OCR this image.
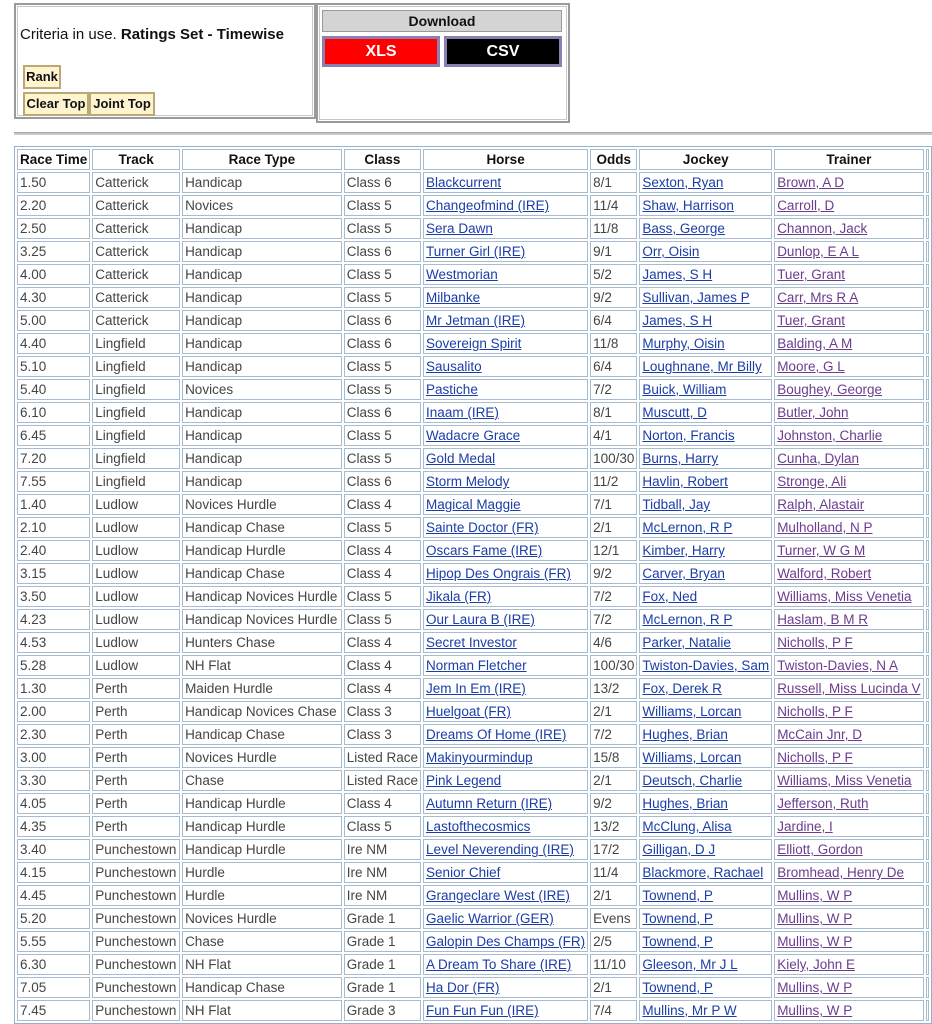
Criteria in use. Ratings Set - Timewise
Rank
Clear Top Joint Top
Download
XLS	CSV
Race Time	Track	Race Type	Class	Horse	Odds	Jockey	Trainer	
1.50	Catterick	Handicap	Class 6	Blackcurrent	8/1	Sexton, Ryan	Brown, A D	
2.20	Catterick	Novices	Class 5	Changeofmind (IRE)	11/4	Shaw, Harrison	Carroll, D	
2.50	Catterick	Handicap	Class 5	Sera Dawn	11/8	Bass, George	Channon, Jack	
3.25	Catterick	Handicap	Class 6	Turner Girl (IRE)	9/1	Orr, Oisin	Dunlop, E A L	
4.00	Catterick	Handicap	Class 5	Westmorian	5/2	James, S H	Tuer, Grant	
4.30	Catterick	Handicap	Class 5	Milbanke	9/2	Sullivan, James P	Carr, Mrs R A	
5.00	Catterick	Handicap	Class 6	Mr Jetman (IRE)	6/4	James, S H	Tuer, Grant	
4.40	Lingfield	Handicap	Class 6	Sovereign Spirit	11/8	Murphy, Oisin	Balding, A M	
5.10	Lingfield	Handicap	Class 5	Sausalito	6/4	Loughnane, Mr Billy	Moore, G L	
5.40	Lingfield	Novices	Class 5	Pastiche	7/2	Buick, William	Boughey, George	
6.10	Lingfield	Handicap	Class 6	Inaam (IRE)	8/1	Muscutt, D	Butler, John	
6.45	Lingfield	Handicap	Class 5	Wadacre Grace	4/1	Norton, Francis	Johnston, Charlie	
7.20	Lingfield	Handicap	Class 5	Gold Medal	100/30	Burns, Harry	Cunha, Dylan	
7.55	Lingfield	Handicap	Class 6	Storm Melody	11/2	Havlin, Robert	Stronge, Ali	
1.40	Ludlow	Novices Hurdle	Class 4	Magical Maggie	7/1	Tidball, Jay	Ralph, Alastair	
2.10	Ludlow	Handicap Chase	Class 5	Sainte Doctor (FR)	2/1	McLernon, R P	Mulholland, N P	
2.40	Ludlow	Handicap Hurdle	Class 4	Oscars Fame (IRE)	12/1	Kimber, Harry	Turner, W G M	
3.15	Ludlow	Handicap Chase	Class 4	Hipop Des Ongrais (FR)	9/2	Carver, Bryan	Walford, Robert	
3.50	Ludlow	Handicap Novices Hurdle	Class 5	Jikala (FR)	7/2	Fox, Ned	Williams, Miss Venetia	
4.23	Ludlow	Handicap Novices Hurdle	Class 5	Our Laura B (IRE)	7/2	McLernon, R P	Haslam, B M R	
4.53	Ludlow	Hunters Chase	Class 4	Secret Investor	4/6	Parker, Natalie	Nicholls, P F	
5.28	Ludlow	NH Flat	Class 4	Norman Fletcher	100/30	Twiston-Davies, Sam	Twiston-Davies, N A	
1.30	Perth	Maiden Hurdle	Class 4	Jem In Em (IRE)	13/2	Fox, Derek R	Russell, Miss Lucinda V	
2.00	Perth	Handicap Novices Chase	Class 3	Huelgoat (FR)	2/1	Williams, Lorcan	Nicholls, P F	
2.30	Perth	Handicap Chase	Class 3	Dreams Of Home (IRE)	7/2	Hughes, Brian	McCain Jnr, D	
3.00	Perth	Novices Hurdle	Listed Race	Makinyourmindup	15/8	Williams, Lorcan	Nicholls, P F	
3.30	Perth	Chase	Listed Race	Pink Legend	2/1	Deutsch, Charlie	Williams, Miss Venetia	
4.05	Perth	Handicap Hurdle	Class 4	Autumn Return (IRE)	9/2	Hughes, Brian	Jefferson, Ruth	
4.35	Perth	Handicap Hurdle	Class 5	Lastofthecosmics	13/2	McClung, Alisa	Jardine, I	
3.40	Punchestown	Handicap Hurdle	Ire NM	Level Neverending (IRE)	17/2	Gilligan, D J	Elliott, Gordon	
4.15	Punchestown	Hurdle	Ire NM	Senior Chief	11/4	Blackmore, Rachael	Bromhead, Henry De	
4.45	Punchestown	Hurdle	Ire NM	Grangeclare West (IRE)	2/1	Townend, P	Mullins, W P	
5.20	Punchestown	Novices Hurdle	Grade 1	Gaelic Warrior (GER)	Evens	Townend, P	Mullins, W P	
5.55	Punchestown	Chase	Grade 1	Galopin Des Champs (FR)	2/5	Townend, P	Mullins, W P	
6.30	Punchestown	NH Flat	Grade 1	A Dream To Share (IRE)	11/10	Gleeson, Mr J L	Kiely, John E	
7.05	Punchestown	Handicap Chase	Grade 1	Ha Dor (FR)	2/1	Townend, P	Mullins, W P	
7.45	Punchestown	NH Flat	Grade 3	Fun Fun Fun (IRE)	7/4	Mullins, Mr P W	Mullins, W P	
